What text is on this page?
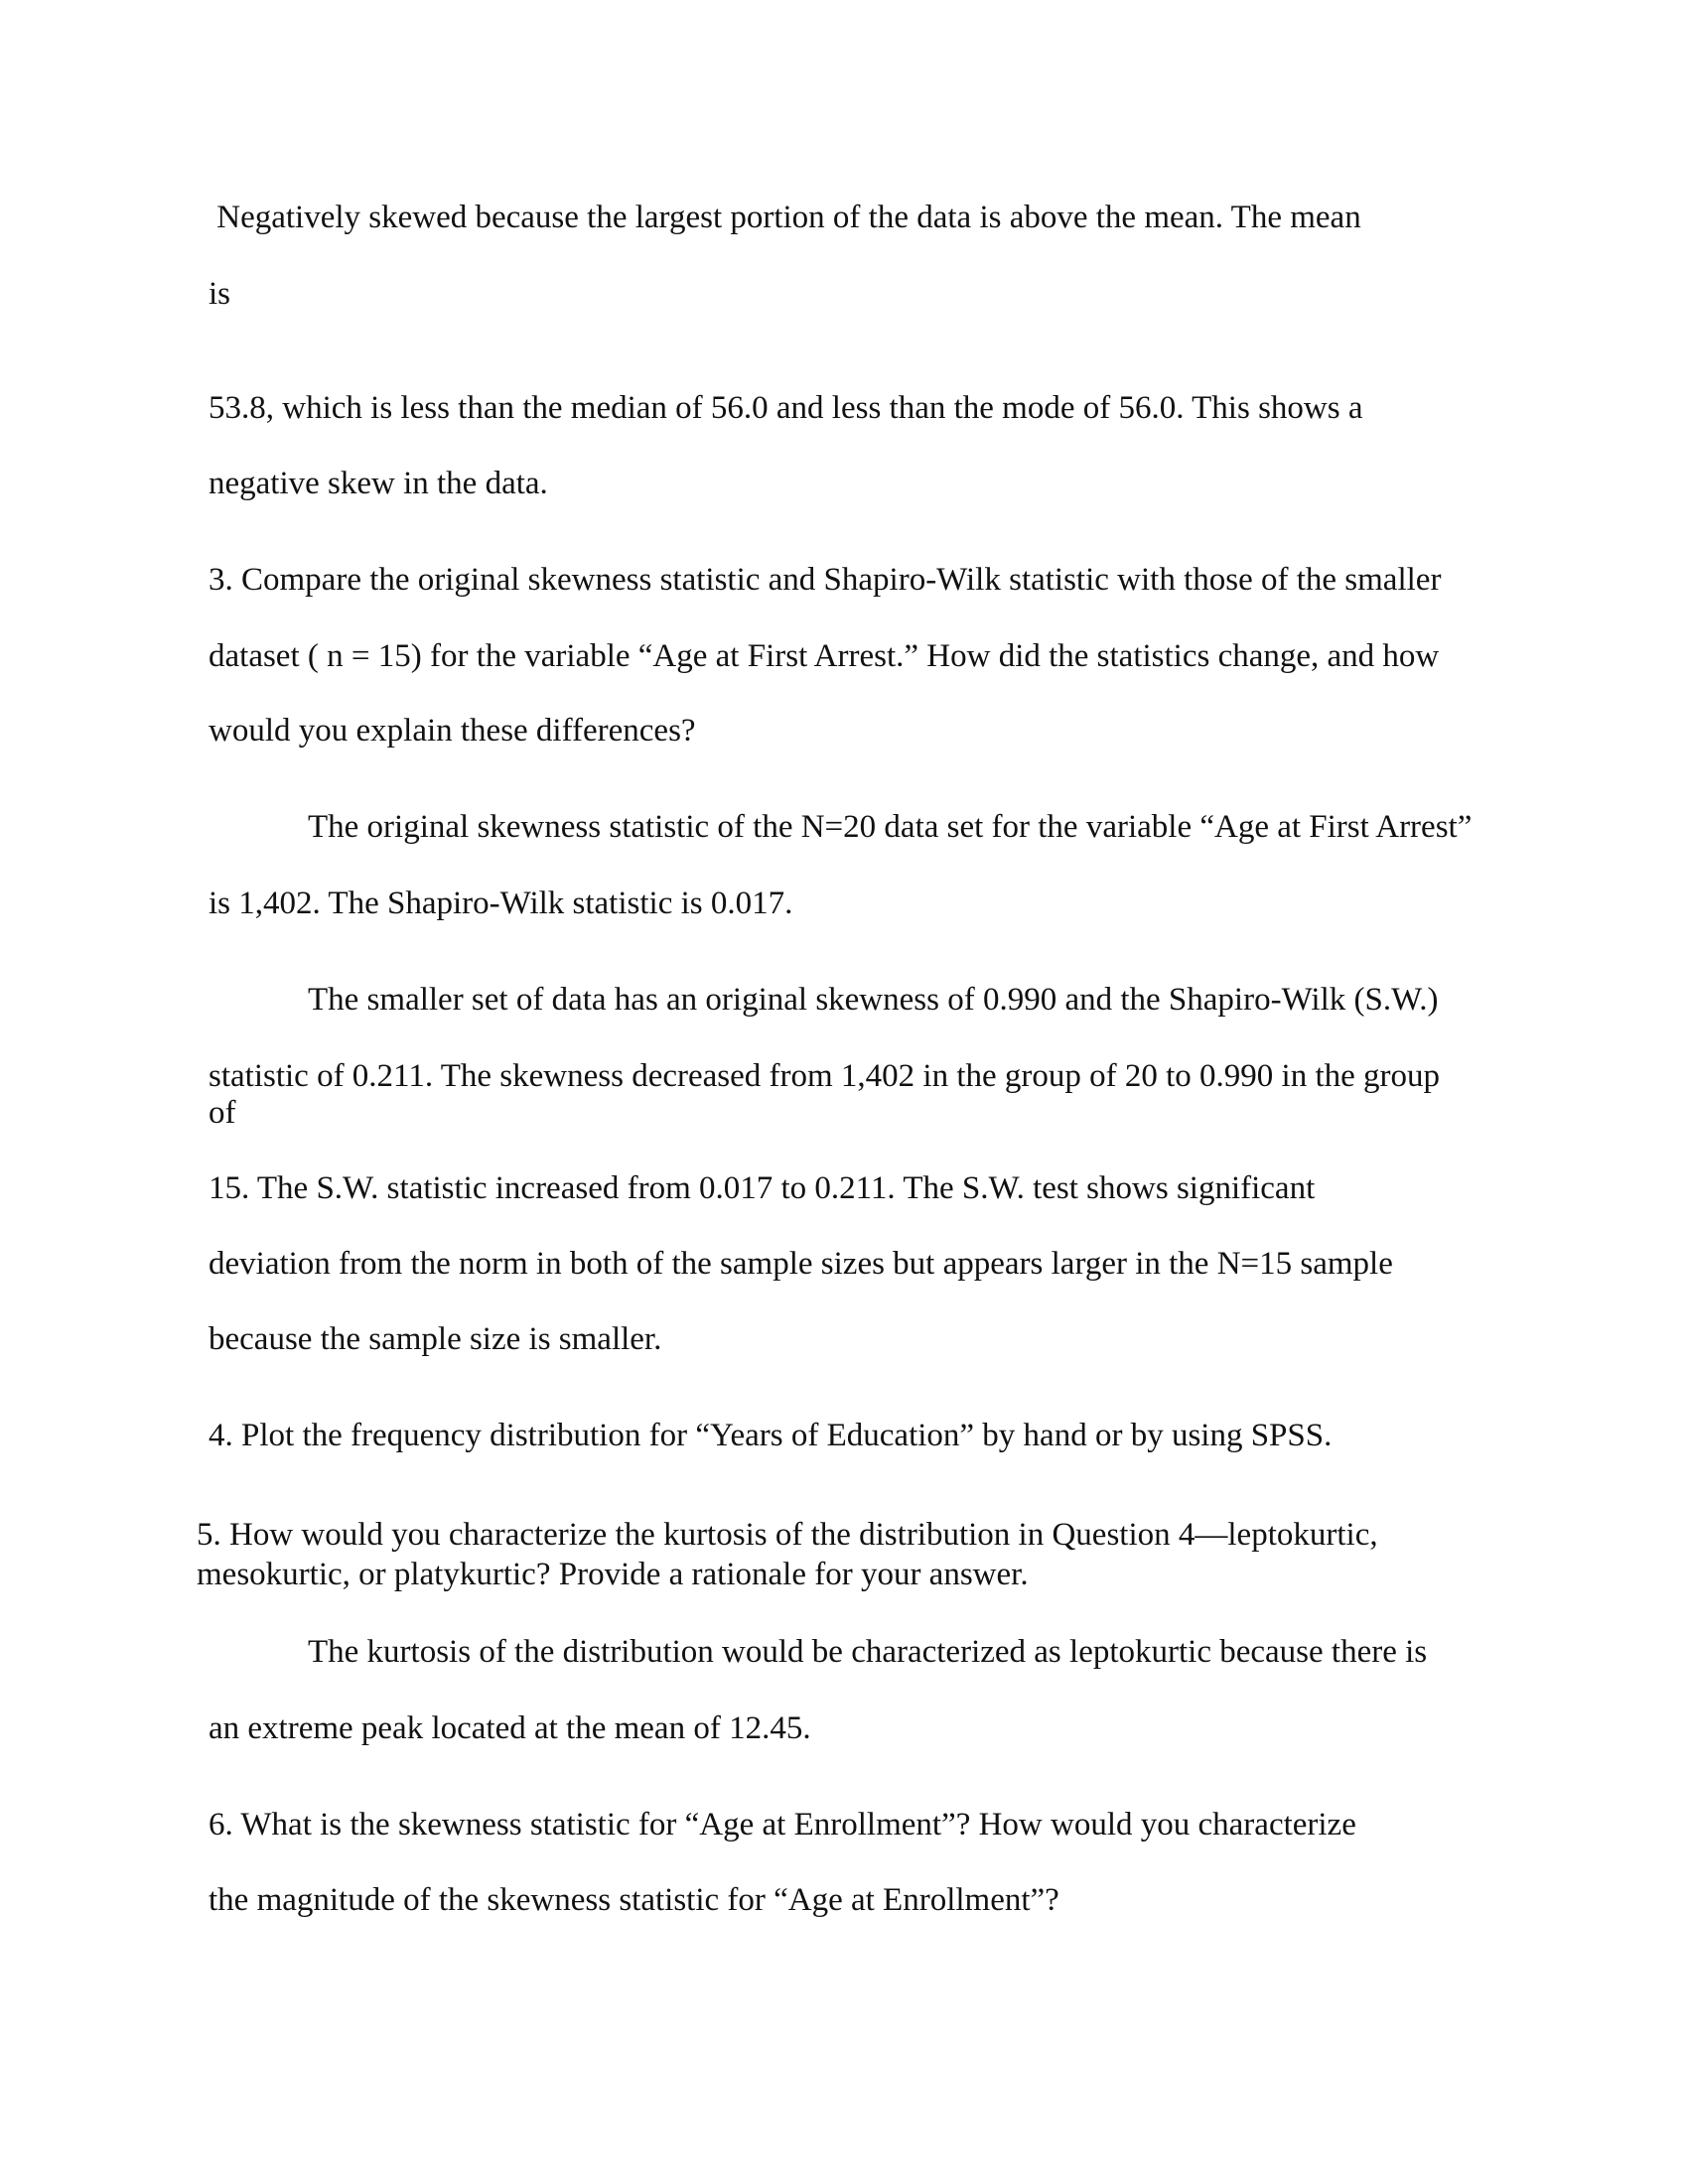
Negatively skewed because the largest portion of the data is above the mean. The mean

is

53.8, which is less than the median of 56.0 and less than the mode of 56.0. This shows a

negative skew in the data.

3. Compare the original skewness statistic and Shapiro-Wilk statistic with those of the smaller

dataset ( n = 15) for the variable “Age at First Arrest.” How did the statistics change, and how

would you explain these differences?

The original skewness statistic of the N=20 data set for the variable “Age at First Arrest”

is 1,402. The Shapiro-Wilk statistic is 0.017.

The smaller set of data has an original skewness of 0.990 and the Shapiro-Wilk (S.W.)

statistic of 0.211. The skewness decreased from 1,402 in the group of 20 to 0.990 in the group

of

15. The S.W. statistic increased from 0.017 to 0.211. The S.W. test shows significant

deviation from the norm in both of the sample sizes but appears larger in the N=15 sample

because the sample size is smaller.

4. Plot the frequency distribution for “Years of Education” by hand or by using SPSS.

5. How would you characterize the kurtosis of the distribution in Question 4—leptokurtic,

mesokurtic, or platykurtic? Provide a rationale for your answer.

The kurtosis of the distribution would be characterized as leptokurtic because there is

an extreme peak located at the mean of 12.45.

6. What is the skewness statistic for “Age at Enrollment”? How would you characterize

the magnitude of the skewness statistic for “Age at Enrollment”?
